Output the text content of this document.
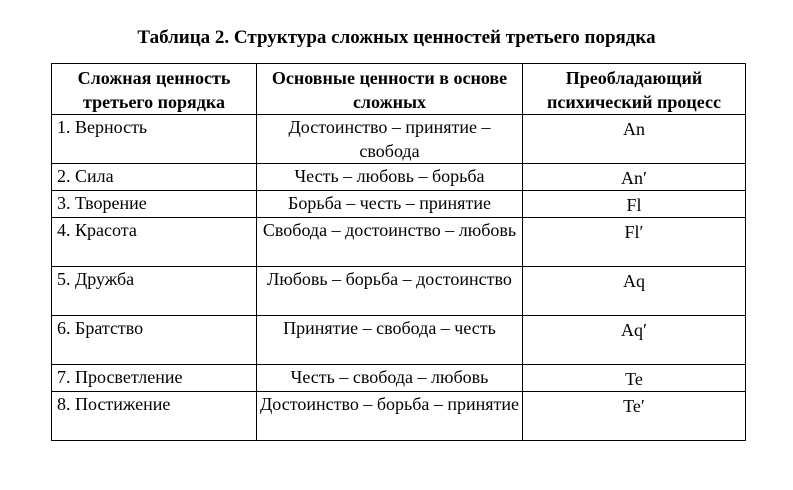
Таблица 2. Структура сложных ценностей третьего порядка
Сложная ценность третьего порядка	Основные ценности в основе сложных	Преобладающий психический процесс
1. Верность	Достоинство – принятие – свобода	An
2. Сила	Честь – любовь – борьба	An′
3. Творение	Борьба – честь – принятие	Fl
4. Красота	Свобода – достоинство – любовь	Fl′
5. Дружба	Любовь – борьба – достоинство	Aq
6. Братство	Принятие – свобода – честь	Aq′
7. Просветление	Честь – свобода – любовь	Te
8. Постижение	Достоинство – борьба – принятие	Te′
